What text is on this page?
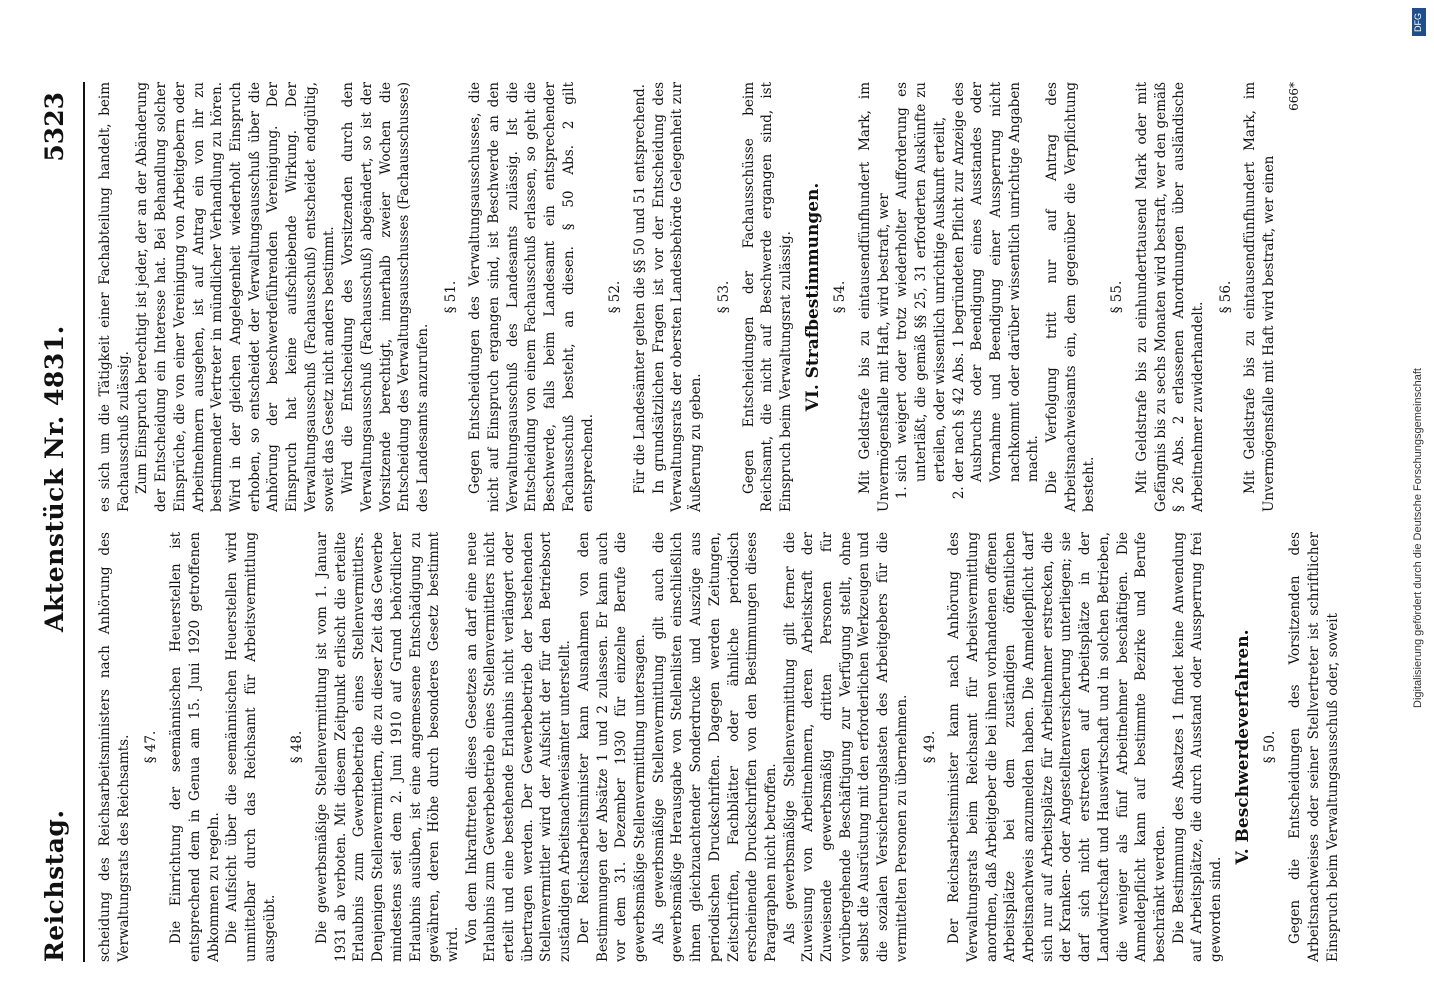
Reichstag.
Aktenstück Nr. 4831.
5323

scheidung des Reichsarbeitsministers nach Anhörung des Verwaltungsrats des Reichsamts. § 47. Die Einrichtung der seemännischen Heuerstellen ist entsprechend dem in Genua am 15. Juni 1920 getroffenen Abkommen zu regeln. Die Aufsicht über die seemännischen Heuerstellen wird unmittelbar durch das Reichsamt für Arbeitsvermittlung ausgeübt.

§ 48. Die gewerbsmäßige Stellenvermittlung ist vom 1. Januar 1931 ab verboten. Mit diesem Zeitpunkt erlischt die erteilte Erlaubnis zum Gewerbebetrieb eines Stellenvermittlers. Denjenigen Stellenvermittlern, die zu dieser Zeit das Gewerbe mindestens seit dem 2. Juni 1910 auf Grund behördlicher Erlaubnis ausüben, ist eine angemessene Entschädigung zu gewähren, deren Höhe durch besonderes Gesetz bestimmt wird.

Von dem Inkrafttreten dieses Gesetzes an darf eine neue Erlaubnis zum Gewerbebetrieb eines Stellenvermittlers nicht erteilt und eine bestehende Erlaubnis nicht verlängert oder übertragen werden. Der Gewerbebetrieb der bestehenden Stellenvermittler wird der Aufsicht der für den Betriebsort zuständigen Arbeitsnachweisämter unterstellt. Der Reichsarbeitsminister kann Ausnahmen von den Bestimmungen der Absätze 1 und 2 zulassen. Er kann auch vor dem 31. Dezember 1930 für einzelne Berufe die gewerbsmäßige Stellenvermittlung untersagen. Als gewerbsmäßige Stellenvermittlung gilt auch die gewerbsmäßige Herausgabe von Stellenlisten einschließlich ihnen gleichzuachtender Sonderdrucke und Auszüge aus periodischen Druckschriften. Dagegen werden Zeitungen, Zeitschriften, Fachblätter oder ähnliche periodisch erscheinende Druckschriften von den Bestimmungen dieses Paragraphen nicht betroffen. Als gewerbsmäßige Stellenvermittlung gilt ferner die Zuweisung von Arbeitnehmern, deren Arbeitskraft der Zuweisende gewerbsmäßig dritten Personen für vorübergehende Beschäftigung zur Verfügung stellt, ohne selbst die Ausrüstung mit den erforderlichen Werkzeugen und die sozialen Versicherungslasten des Arbeitgebers für die vermittelten Personen zu übernehmen. § 49. Der Reichsarbeitsminister kann nach Anhörung des Verwaltungsrats beim Reichsamt für Arbeitsvermittlung anordnen, daß Arbeitgeber die bei ihnen vorhandenen offenen Arbeitsplätze bei dem zuständigen öffentlichen Arbeitsnachweis anzumelden haben. Die Anmeldepflicht darf sich nur auf Arbeitsplätze für Arbeitnehmer erstrecken, die der Kranken- oder Angestelltenversicherung unterliegen; sie darf sich nicht erstrecken auf Arbeitsplätze in der Landwirtschaft und Hauswirtschaft und in solchen Betrieben, die weniger als fünf Arbeitnehmer beschäftigen. Die Anmeldepflicht kann auf bestimmte Bezirke und Berufe beschränkt werden. Die Bestimmung des Absatzes 1 findet keine Anwendung auf Arbeitsplätze, die durch Ausstand oder Aussperrung frei geworden sind.

V. Beschwerdeverfahren. § 50. Gegen die Entscheidungen des Vorsitzenden des Arbeitsnachweises oder seiner Stellvertreter ist schriftlicher Einspruch beim Verwaltungsausschuß oder, soweit

es sich um die Tätigkeit einer Fachabteilung handelt, beim Fachausschuß zulässig. Zum Einspruch berechtigt ist jeder, der an der Abänderung der Entscheidung ein Interesse hat. Bei Behandlung solcher Einsprüche, die von einer Vereinigung von Arbeitgebern oder Arbeitnehmern ausgehen, ist auf Antrag ein von ihr zu bestimmender Vertreter in mündlicher Verhandlung zu hören. Wird in der gleichen Angelegenheit wiederholt Einspruch erhoben, so entscheidet der Verwaltungsausschuß über die Anhörung der beschwerdeführenden Vereinigung. Der Einspruch hat keine aufschiebende Wirkung. Der Verwaltungsausschuß (Fachausschuß) entscheidet endgültig, soweit das Gesetz nicht anders bestimmt. Wird die Entscheidung des Vorsitzenden durch den Verwaltungsausschuß (Fachausschuß) abgeändert, so ist der Vorsitzende berechtigt, innerhalb zweier Wochen die Entscheidung des Verwaltungsausschusses (Fachausschusses) des Landesamts anzurufen.

§ 51. Gegen Entscheidungen des Verwaltungsausschusses, die nicht auf Einspruch ergangen sind, ist Beschwerde an den Verwaltungsausschuß des Landesamts zulässig. Ist die Entscheidung von einem Fachausschuß erlassen, so geht die Beschwerde, falls beim Landesamt ein entsprechender Fachausschuß besteht, an diesen. § 50 Abs. 2 gilt entsprechend.

§ 52. Für die Landesämter gelten die §§ 50 und 51 entsprechend. In grundsätzlichen Fragen ist vor der Entscheidung des Verwaltungsrats der obersten Landesbehörde Gelegenheit zur Äußerung zu geben.

§ 53. Gegen Entscheidungen der Fachausschüsse beim Reichsamt, die nicht auf Beschwerde ergangen sind, ist Einspruch beim Verwaltungsrat zulässig. VI. Strafbestimmungen. § 54. Mit Geldstrafe bis zu eintausendfünfhundert Mark, im Unvermögensfalle mit Haft, wird bestraft, wer 1. sich weigert oder trotz wiederholter Aufforderung es unterläßt, die gemäß §§ 25, 31 erforderten Auskünfte zu erteilen, oder wissentlich unrichtige Auskunft erteilt, 2. der nach § 42 Abs. 1 begründeten Pflicht zur Anzeige des Ausbruchs oder Beendigung eines Ausstandes oder Vornahme und Beendigung einer Aussperrung nicht nachkommt oder darüber wissentlich unrichtige Angaben macht. Die Verfolgung tritt nur auf Antrag des Arbeitsnachweisamts ein, dem gegenüber die Verpflichtung besteht.

§ 55. Mit Geldstrafe bis zu einhunderttausend Mark oder mit Gefängnis bis zu sechs Monaten wird bestraft, wer den gemäß § 26 Abs. 2 erlassenen Anordnungen über ausländische Arbeitnehmer zuwiderhandelt.

§ 56. Mit Geldstrafe bis zu eintausendfünfhundert Mark, im Unvermögensfalle mit Haft wird bestraft, wer einen

666*
DFG
Digitalisierung gefördert durch die Deutsche Forschungsgemeinschaft
